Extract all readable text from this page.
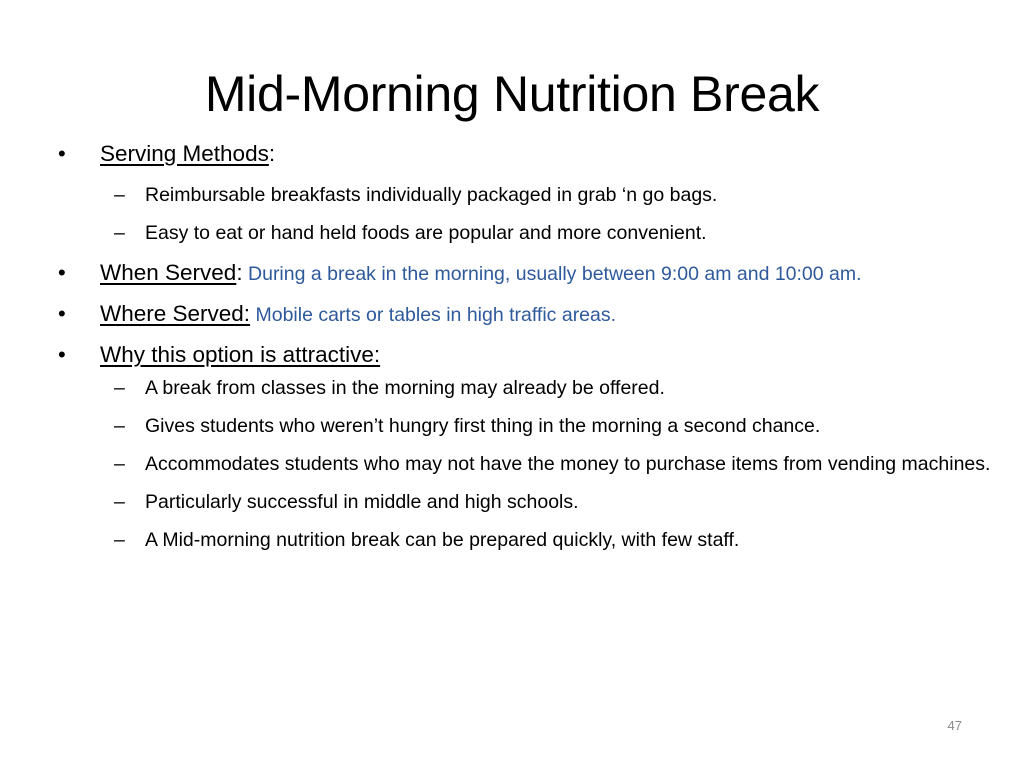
Mid-Morning Nutrition Break
• Serving Methods:
– Reimbursable breakfasts individually packaged in grab ‘n go bags.
– Easy to eat or hand held foods are popular and more convenient.
• When Served: During a break in the morning, usually between 9:00 am and 10:00 am.
• Where Served: Mobile carts or tables in high traffic areas.
• Why this option is attractive:
– A break from classes in the morning may already be offered.
– Gives students who weren’t hungry first thing in the morning a second chance.
– Accommodates students who may not have the money to purchase items from vending machines.
– Particularly successful in middle and high schools.
– A Mid-morning nutrition break can be prepared quickly, with few staff.
47
